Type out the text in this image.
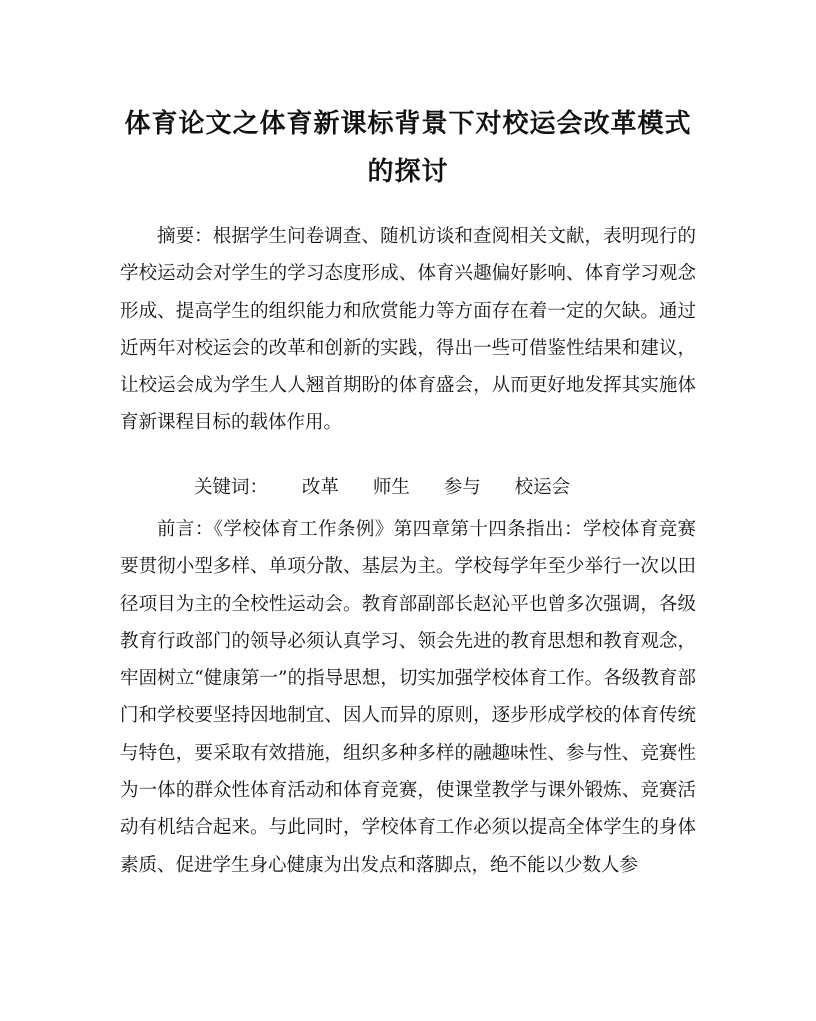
体育论文之体育新课标背景下对校运会改革模式的探讨

摘要：根据学生问卷调查、随机访谈和查阅相关文献，表明现行的学校运动会对学生的学习态度形成、体育兴趣偏好影响、体育学习观念形成、提高学生的组织能力和欣赏能力等方面存在着一定的欠缺。通过近两年对校运会的改革和创新的实践，得出一些可借鉴性结果和建议，让校运会成为学生人人翘首期盼的体育盛会，从而更好地发挥其实施体育新课程目标的载体作用。

关键词： 改革 师生 参与 校运会

前言：《学校体育工作条例》第四章第十四条指出：学校体育竞赛要贯彻小型多样、单项分散、基层为主。学校每学年至少举行一次以田径项目为主的全校性运动会。教育部副部长赵沁平也曾多次强调，各级教育行政部门的领导必须认真学习、领会先进的教育思想和教育观念，牢固树立“健康第一”的指导思想，切实加强学校体育工作。各级教育部门和学校要坚持因地制宜、因人而异的原则，逐步形成学校的体育传统与特色，要采取有效措施，组织多种多样的融趣味性、参与性、竞赛性为一体的群众性体育活动和体育竞赛，使课堂教学与课外锻炼、竞赛活动有机结合起来。与此同时，学校体育工作必须以提高全体学生的身体素质、促进学生身心健康为出发点和落脚点，绝不能以少数人参
